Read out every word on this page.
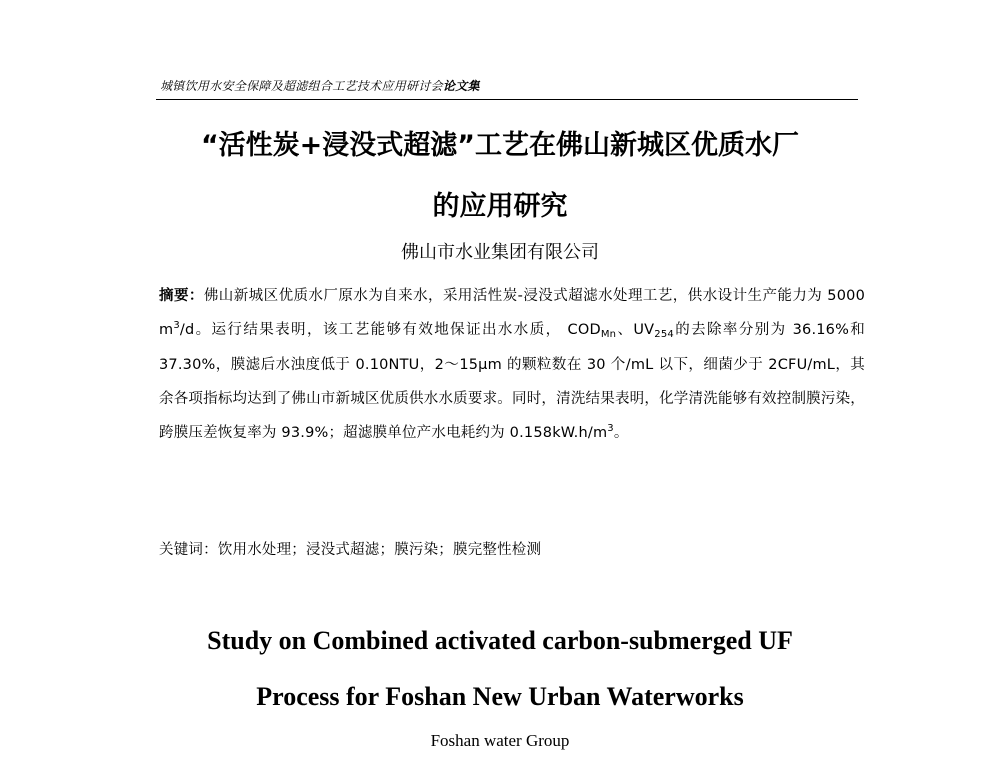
城镇饮用水安全保障及超滤组合工艺技术应用研讨会论文集
“活性炭+浸没式超滤”工艺在佛山新城区优质水厂
的应用研究
佛山市水业集团有限公司
摘要：佛山新城区优质水厂原水为自来水，采用活性炭-浸没式超滤水处理工艺，供水设计生产能力为 5000 $m^3/d$。运行结果表明，该工艺能够有效地保证出水水质， $COD_{Mn}$、$UV_{254}$的去除率分别为 36.16%和 37.30%，膜滤后水浊度低于 0.10NTU，2～15μm 的颗粒数在 30 个/mL 以下，细菌少于 2CFU/mL，其余各项指标均达到了佛山市新城区优质供水水质要求。同时，清洗结果表明，化学清洗能够有效控制膜污染，跨膜压差恢复率为 93.9%；超滤膜单位产水电耗约为 $0.158kW.h/m^3$。
关键词：饮用水处理；浸没式超滤；膜污染；膜完整性检测
Study on Combined activated carbon-submerged UF
Process for Foshan New Urban Waterworks
Foshan water Group
